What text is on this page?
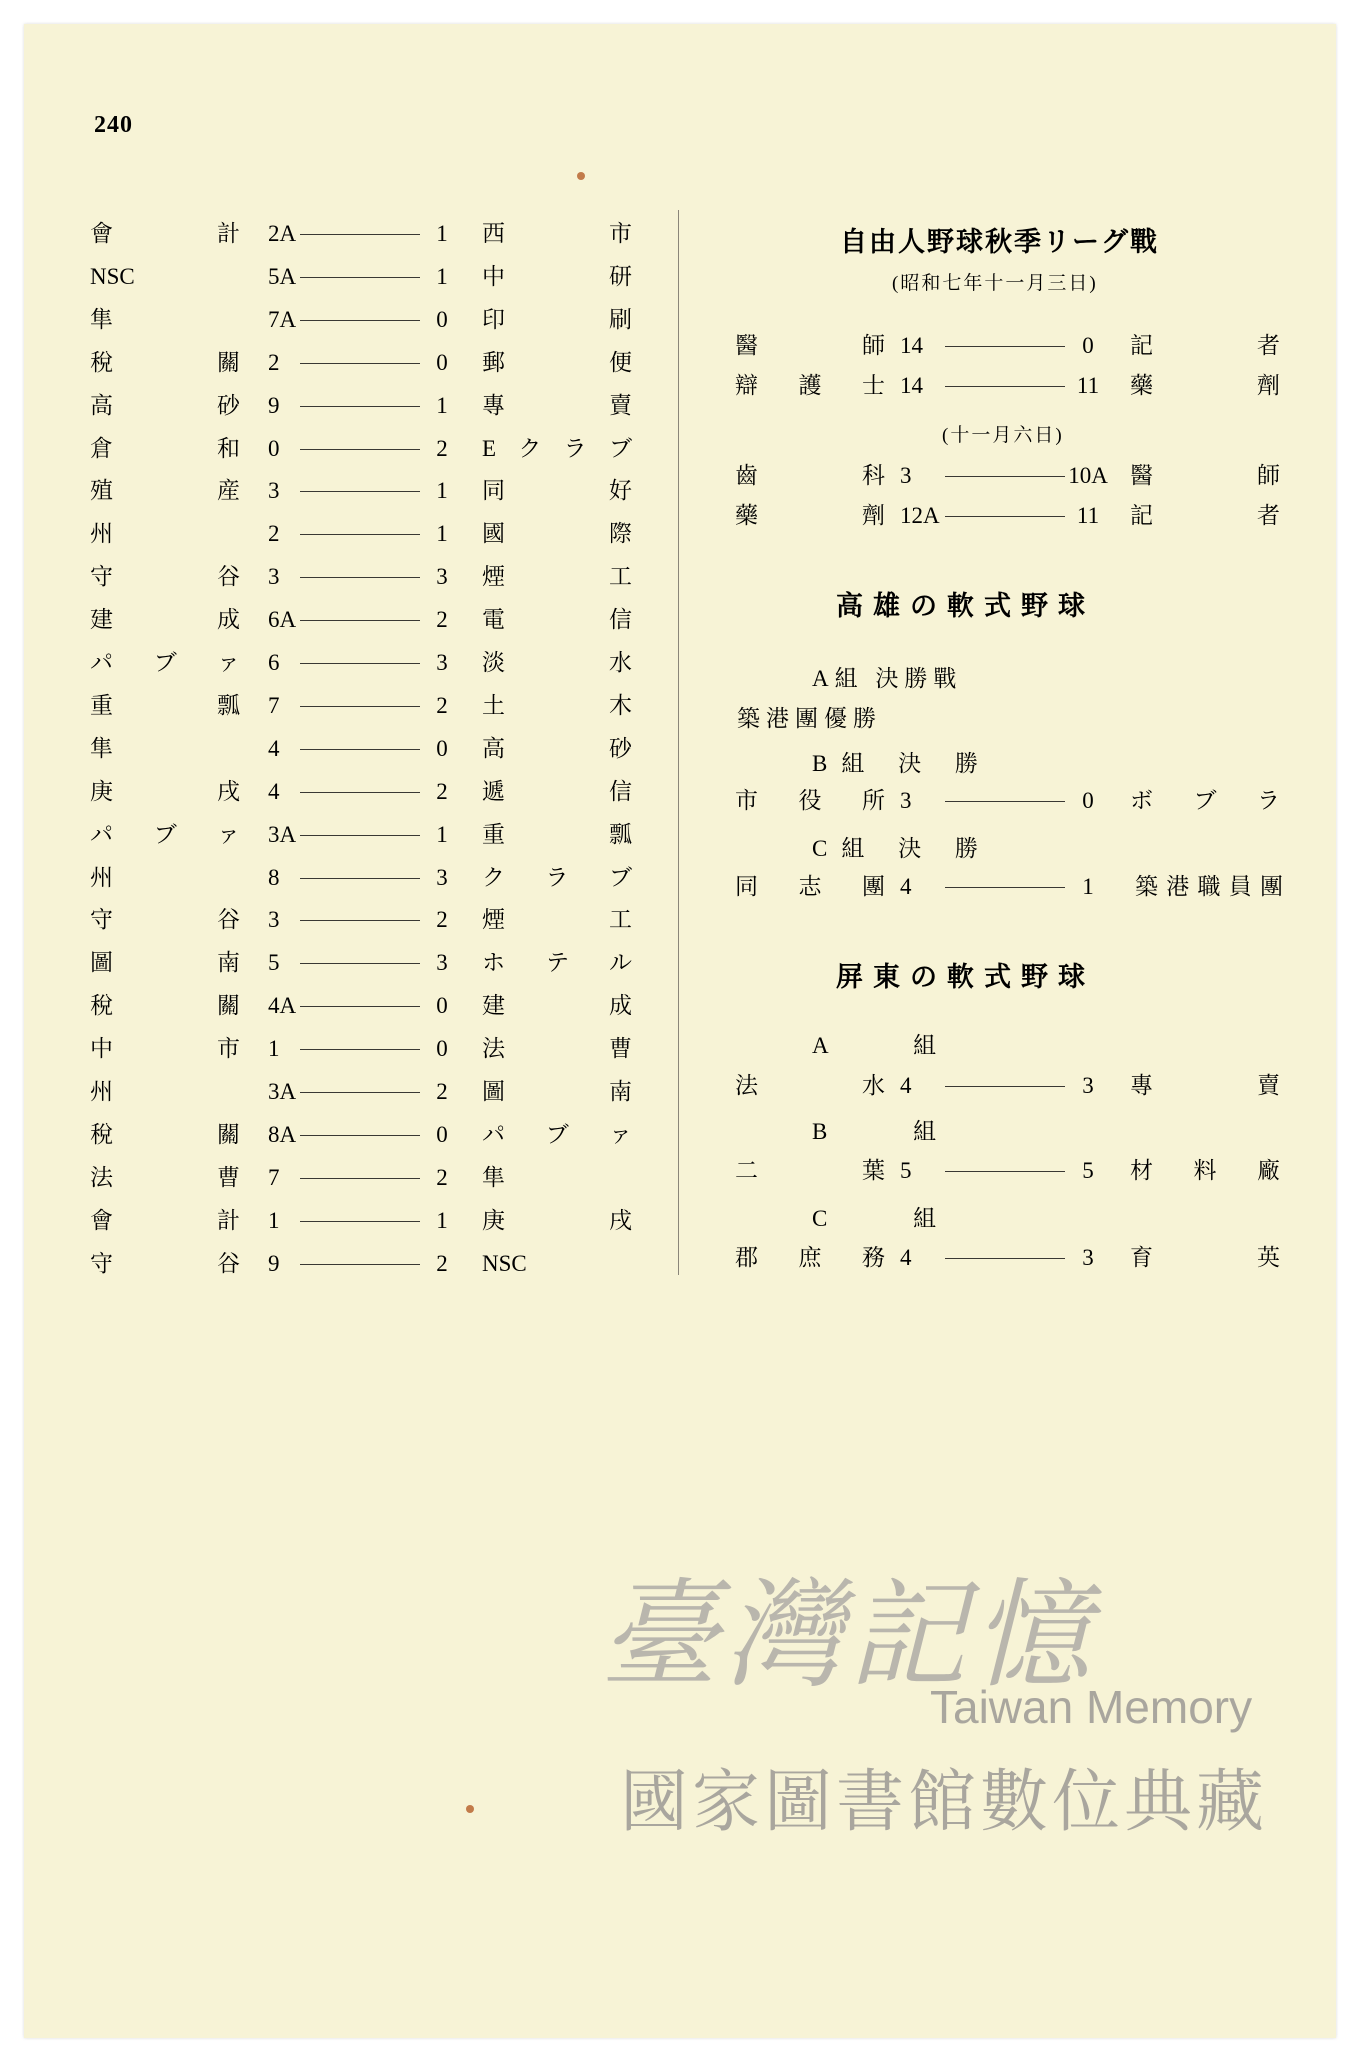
240
會計 2A	1 西市
NSC	5A	1 中研
隼	7A	0 印刷
稅關 2	0 郵便
高砂 9	1 專賣
倉和 0	2 Eクラブ
殖産 3	1 同好
州	2	1 國際
守谷 3	3 煙工
建成 6A	2 電信
パブァ 6	3 淡水
重瓢 7	2 土木
隼	4	0 高砂
庚戌 4	2 遞信
パブァ 3A	1 重瓢
州	8	3 クラブ
守谷 3	2 煙工
圖南 5	3 ホテル
稅關 4A	0 建成
中市 1	0 法曹
州	3A	2 圖南
稅關 8A	0 パブァ
法曹 7	2 隼
會計 1	1 庚戌
守谷 9	2 NSC
自由人野球秋季リーグ戰
(昭和七年十一月三日)
醫師 14	0	記者
辯護士 14	11	藥劑
(十一月六日)
齒科 3	10A 醫師
藥劑 12A	11	記者
高雄の軟式野球
A組 決勝戰
築港團優勝
B組 決 勝
市役所 3	0	ボブラ
C組 決 勝
同志團 4	1	築港職員團
屏東の軟式野球
A 組
法水 4	3	專賣
B 組
二葉 5	5	材料廠
C 組
郡庶務 4	3	育英
臺灣記憶
Taiwan Memory
國家圖書館數位典藏
